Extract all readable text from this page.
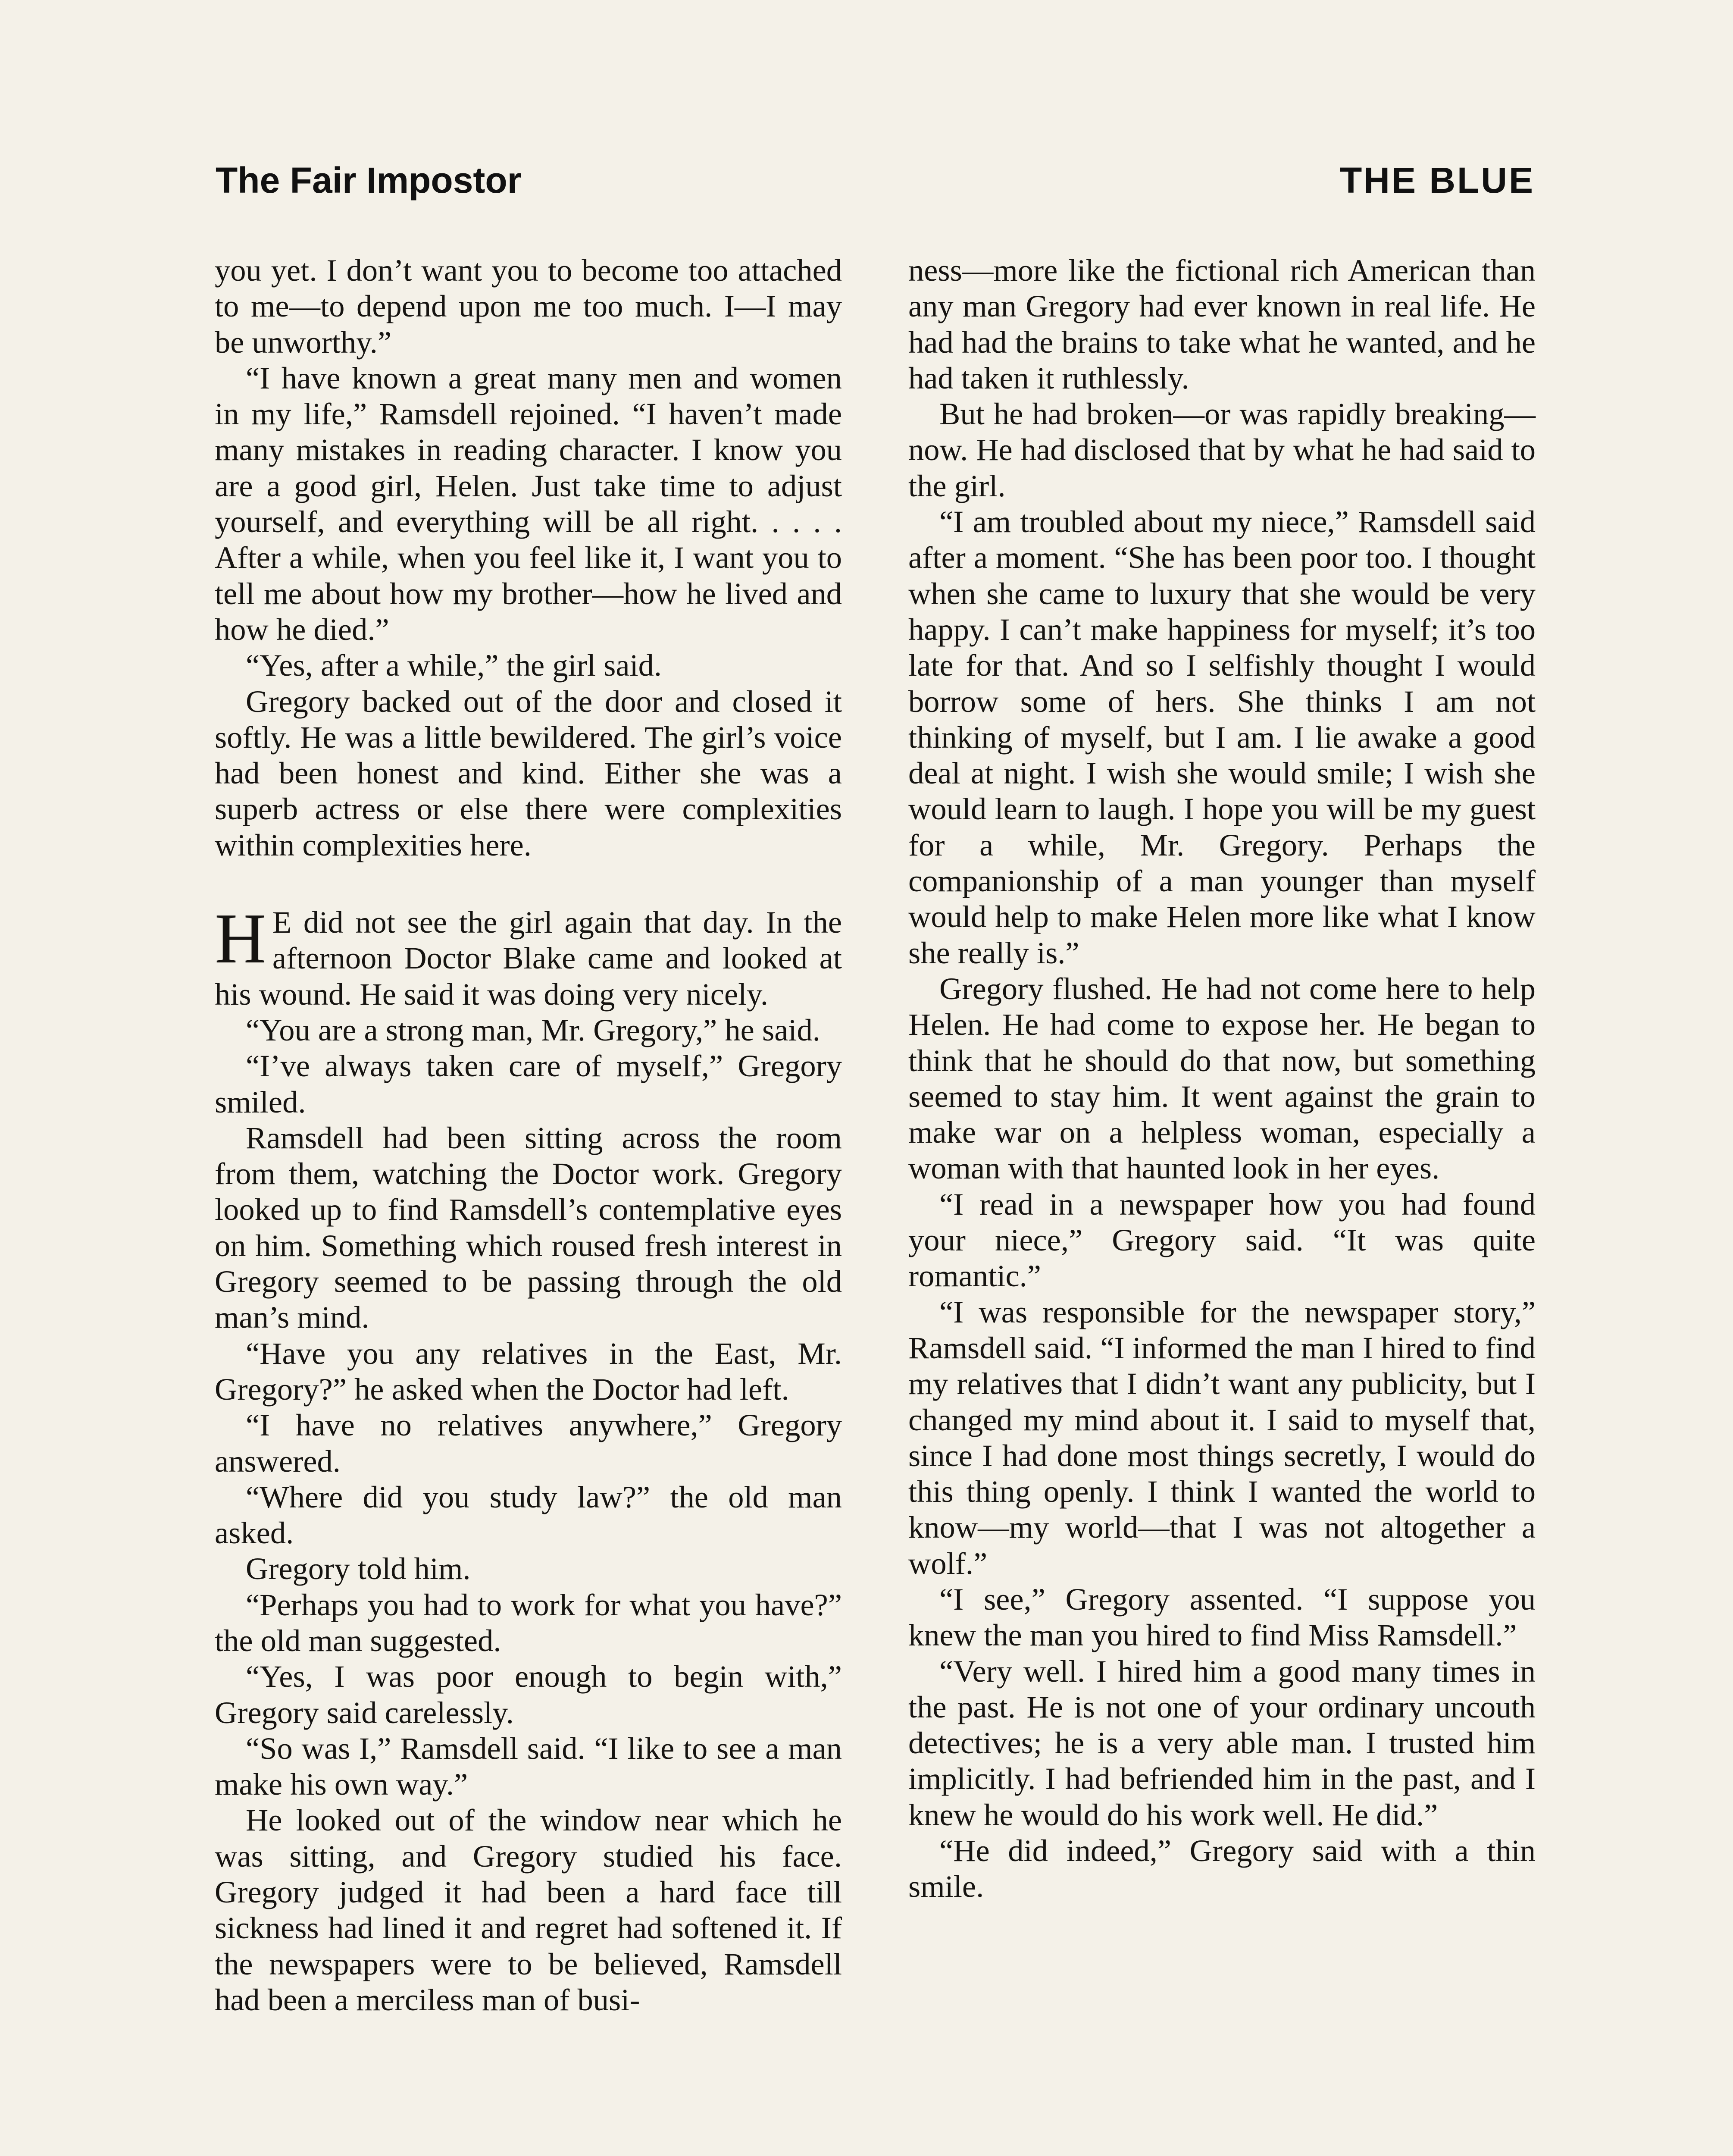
The Fair Impostor	THE BLUE

you yet. I don’t want you to become too attached to me—to depend upon me too much. I—I may be unworthy.”

“I have known a great many men and women in my life,” Ramsdell rejoined. “I haven’t made many mistakes in reading character. I know you are a good girl, Helen. Just take time to adjust yourself, and everything will be all right. . . . . After a while, when you feel like it, I want you to tell me about how my brother—how he lived and how he died.”

“Yes, after a while,” the girl said.

Gregory backed out of the door and closed it softly. He was a little bewildered. The girl’s voice had been honest and kind. Either she was a superb actress or else there were complexities within complexities here.

H E did not see the girl again that day. In the afternoon Doctor Blake came and looked at his wound. He said it was doing very nicely.

“You are a strong man, Mr. Gregory,” he said.

“I’ve always taken care of myself,” Gregory smiled.

Ramsdell had been sitting across the room from them, watching the Doctor work. Gregory looked up to find Ramsdell’s contemplative eyes on him. Something which roused fresh interest in Gregory seemed to be passing through the old man’s mind.

“Have you any relatives in the East, Mr. Gregory?” he asked when the Doctor had left.

“I have no relatives anywhere,” Gregory answered.

“Where did you study law?” the old man asked.

Gregory told him.

“Perhaps you had to work for what you have?” the old man suggested.

“Yes, I was poor enough to begin with,” Gregory said carelessly.

“So was I,” Ramsdell said. “I like to see a man make his own way.”

He looked out of the window near which he was sitting, and Gregory studied his face. Gregory judged it had been a hard face till sickness had lined it and regret had softened it. If the newspapers were to be believed, Ramsdell had been a merciless man of busi-

ness—more like the fictional rich American than any man Gregory had ever known in real life. He had had the brains to take what he wanted, and he had taken it ruthlessly.

But he had broken—or was rapidly breaking—now. He had disclosed that by what he had said to the girl.

“I am troubled about my niece,” Ramsdell said after a moment. “She has been poor too. I thought when she came to luxury that she would be very happy. I can’t make happiness for myself; it’s too late for that. And so I selfishly thought I would borrow some of hers. She thinks I am not thinking of myself, but I am. I lie awake a good deal at night. I wish she would smile; I wish she would learn to laugh. I hope you will be my guest for a while, Mr. Gregory. Perhaps the companionship of a man younger than myself would help to make Helen more like what I know she really is.”

Gregory flushed. He had not come here to help Helen. He had come to expose her. He began to think that he should do that now, but something seemed to stay him. It went against the grain to make war on a helpless woman, especially a woman with that haunted look in her eyes.

“I read in a newspaper how you had found your niece,” Gregory said. “It was quite romantic.”

“I was responsible for the newspaper story,” Ramsdell said. “I informed the man I hired to find my relatives that I didn’t want any publicity, but I changed my mind about it. I said to myself that, since I had done most things secretly, I would do this thing openly. I think I wanted the world to know—my world—that I was not altogether a wolf.”

“I see,” Gregory assented. “I suppose you knew the man you hired to find Miss Ramsdell.”

“Very well. I hired him a good many times in the past. He is not one of your ordinary uncouth detectives; he is a very able man. I trusted him implicitly. I had befriended him in the past, and I knew he would do his work well. He did.”

“He did indeed,” Gregory said with a thin smile.
